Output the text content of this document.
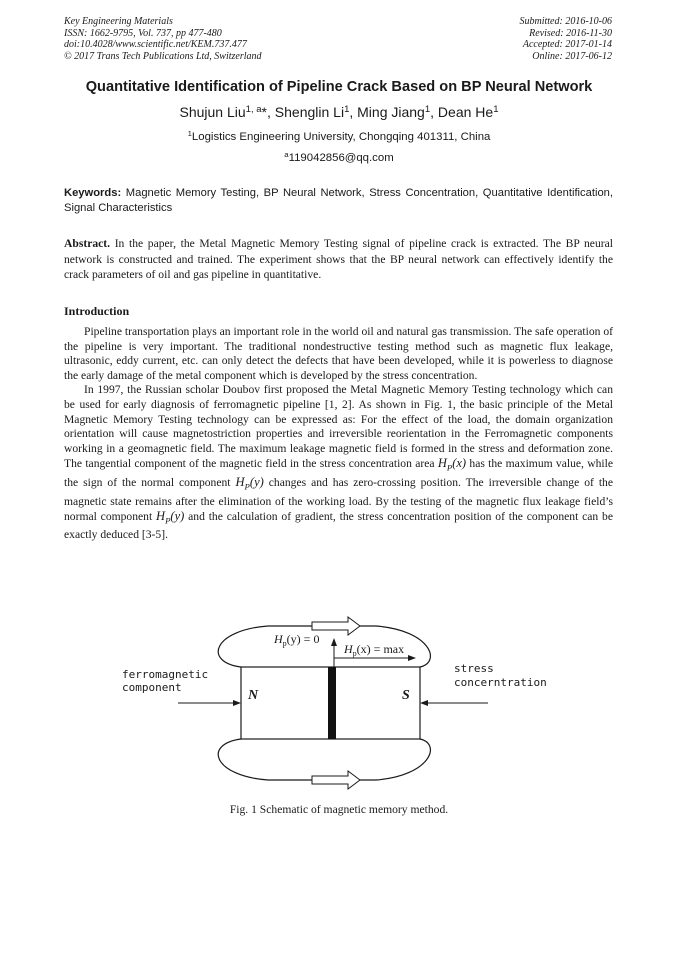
Key Engineering Materials
ISSN: 1662-9795, Vol. 737, pp 477-480
doi:10.4028/www.scientific.net/KEM.737.477
© 2017 Trans Tech Publications Ltd, Switzerland
Submitted: 2016-10-06
Revised: 2016-11-30
Accepted: 2017-01-14
Online: 2017-06-12
Quantitative Identification of Pipeline Crack Based on BP Neural Network
Shujun Liu$^{1, a}$*, Shenglin Li$^1$, Ming Jiang$^1$, Dean He$^1$
$^1$Logistics Engineering University, Chongqing 401311, China
$^a$119042856@qq.com
Keywords: Magnetic Memory Testing, BP Neural Network, Stress Concentration, Quantitative Identification, Signal Characteristics
Abstract. In the paper, the Metal Magnetic Memory Testing signal of pipeline crack is extracted. The BP neural network is constructed and trained. The experiment shows that the BP neural network can effectively identify the crack parameters of oil and gas pipeline in quantitative.
Introduction

Pipeline transportation plays an important role in the world oil and natural gas transmission. The safe operation of the pipeline is very important. The traditional nondestructive testing method such as magnetic flux leakage, ultrasonic, eddy current, etc. can only detect the defects that have been developed, while it is powerless to diagnose the early damage of the metal component which is developed by the stress concentration.

In 1997, the Russian scholar Doubov first proposed the Metal Magnetic Memory Testing technology which can be used for early diagnosis of ferromagnetic pipeline [1, 2]. As shown in Fig. 1, the basic principle of the Metal Magnetic Memory Testing technology can be expressed as: For the effect of the load, the domain organization orientation will cause magnetostriction properties and irreversible reorientation in the Ferromagnetic components working in a geomagnetic field. The maximum leakage magnetic field is formed in the stress and deformation zone. The tangential component of the magnetic field in the stress concentration area $H_P(x)$ has the maximum value, while the sign of the normal component $H_P(y)$ changes and has zero-crossing position. The irreversible change of the magnetic state remains after the elimination of the working load. By the testing of the magnetic flux leakage field’s normal component $H_P(y)$ and the calculation of gradient, the stress concentration position of the component can be exactly deduced [3-5].

ferromagnetic
component
stress
concerntration
N	S
$H_p(y) = 0$
$H_p(x) = \max$
Fig. 1 Schematic of magnetic memory method.
